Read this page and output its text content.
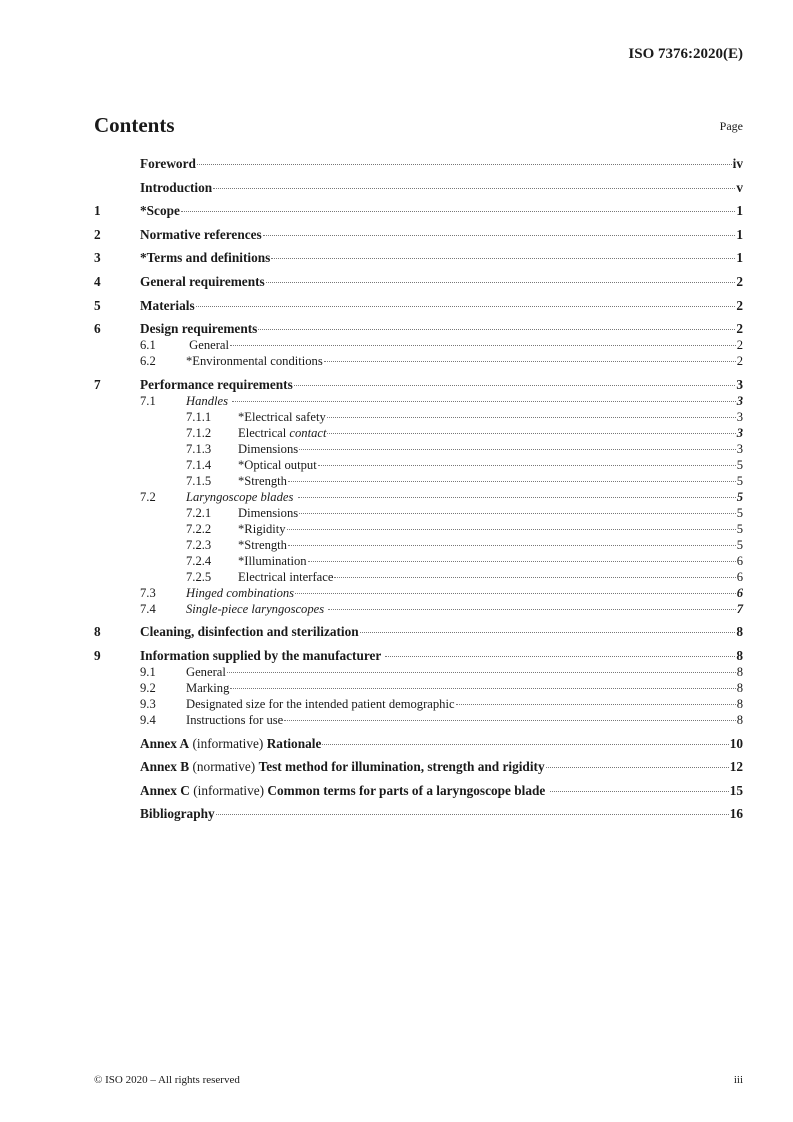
ISO 7376:2020(E)
Contents	Page
Foreword	iv
Introduction	v
1	*Scope	1
2	Normative references	1
3	*Terms and definitions	1
4	General requirements	2
5	Materials	2
6	Design requirements	2
6.1	General	2
6.2	*Environmental conditions	2
7	Performance requirements	3
7.1	Handles	3
7.1.1	*Electrical safety	3
7.1.2	Electrical contact	3
7.1.3	Dimensions	3
7.1.4	*Optical output	5
7.1.5	*Strength	5
7.2	Laryngoscope blades	5
7.2.1	Dimensions	5
7.2.2	*Rigidity	5
7.2.3	*Strength	5
7.2.4	*Illumination	6
7.2.5	Electrical interface	6
7.3	Hinged combinations	6
7.4	Single-piece laryngoscopes	7
8	Cleaning, disinfection and sterilization	8
9	Information supplied by the manufacturer	8
9.1	General	8
9.2	Marking	8
9.3	Designated size for the intended patient demographic	8
9.4	Instructions for use	8
Annex A (informative) Rationale	10
Annex B (normative) Test method for illumination, strength and rigidity	12
Annex C (informative) Common terms for parts of a laryngoscope blade	15
Bibliography	16
© ISO 2020 – All rights reserved	iii
